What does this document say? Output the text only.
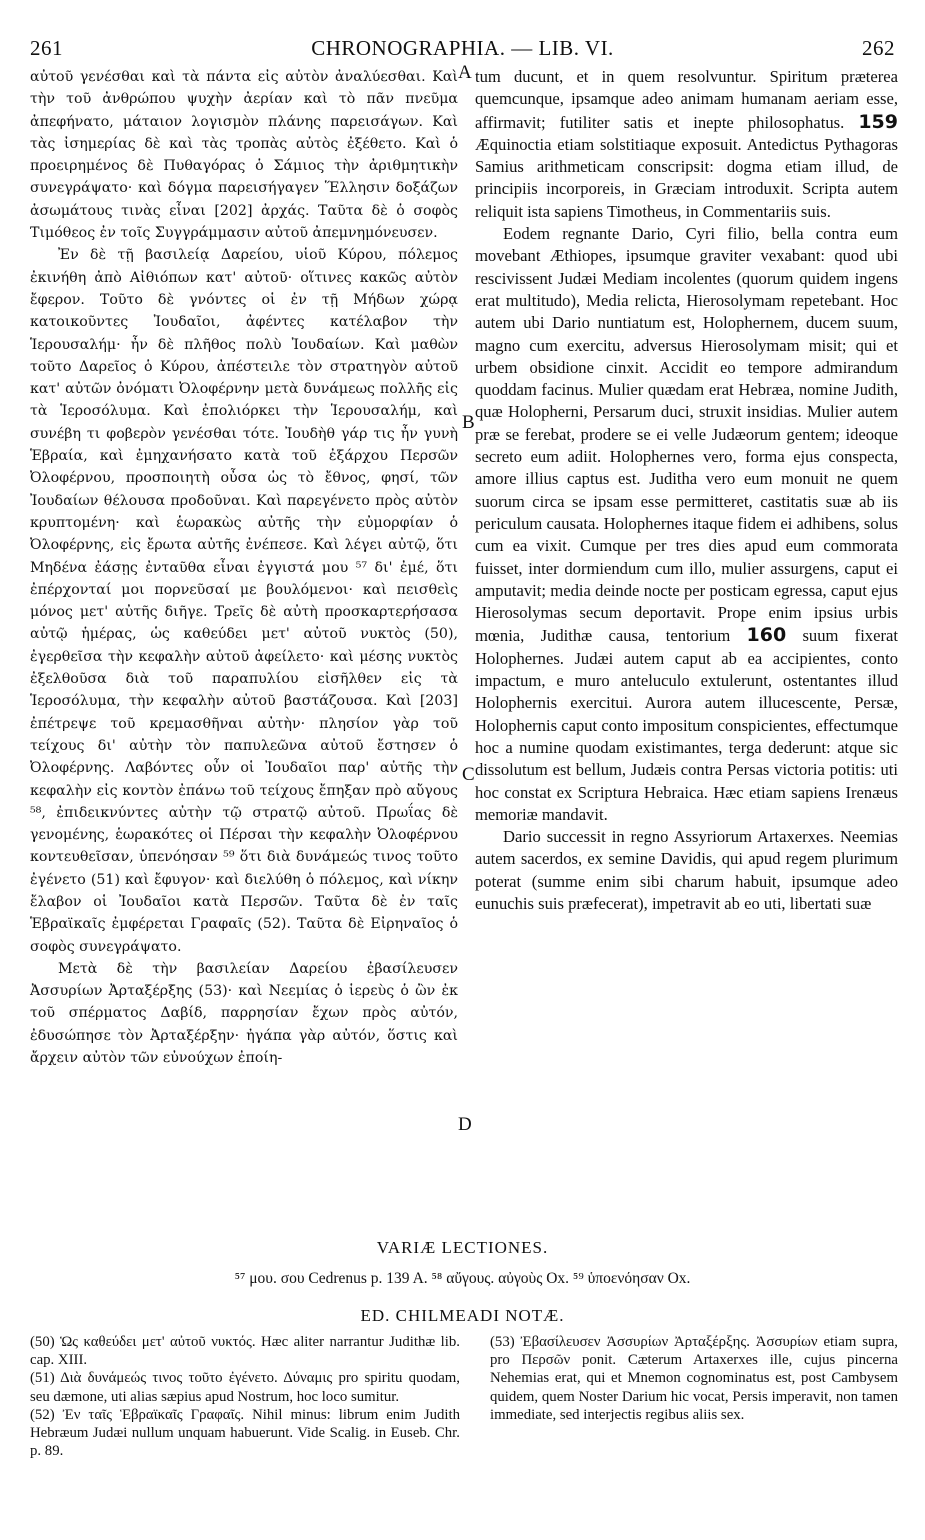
261	CHRONOGRAPHIA. — LIB. VI.	262

αὐτοῦ γενέσθαι καὶ τὰ πάντα εἰς αὐτὸν ἀναλύεσθαι. Καὶ τὴν τοῦ ἀνθρώπου ψυχὴν ἀερίαν καὶ τὸ πᾶν πνεῦμα ἀπεφήνατο, μάταιον λογισμὸν πλάνης παρεισάγων. Καὶ τὰς ἰσημερίας δὲ καὶ τὰς τροπὰς αὐτὸς ἐξέθετο. Καὶ ὁ προειρημένος δὲ Πυθαγόρας ὁ Σάμιος τὴν ἀριθμητικὴν συνεγράψατο· καὶ δόγμα παρεισήγαγεν Ἕλλησιν δοξάζων ἀσωμάτους τινὰς εἶναι [202] ἀρχάς. Ταῦτα δὲ ὁ σοφὸς Τιμόθεος ἐν τοῖς Συγγράμμασιν αὐτοῦ ἀπεμνημόνευσεν.

Ἐν δὲ τῇ βασιλείᾳ Δαρείου, υἱοῦ Κύρου, πόλεμος ἐκινήθη ἀπὸ Αἰθιόπων κατ' αὐτοῦ· οἵτινες κακῶς αὐτὸν ἔφερον. Τοῦτο δὲ γνόντες οἱ ἐν τῇ Μήδων χώρᾳ κατοικοῦντες Ἰουδαῖοι, ἀφέντες κατέλαβον τὴν Ἱερουσαλήμ· ἦν δὲ πλῆθος πολὺ Ἰουδαίων. Καὶ μαθὼν τοῦτο Δαρεῖος ὁ Κύρου, ἀπέστειλε τὸν στρατηγὸν αὐτοῦ κατ' αὐτῶν ὀνόματι Ὀλοφέρνην μετὰ δυνάμεως πολλῆς εἰς τὰ Ἱεροσόλυμα. Καὶ ἐπολιόρκει τὴν Ἱερουσαλήμ, καὶ συνέβη τι φοβερὸν γενέσθαι τότε. Ἰουδὴθ γάρ τις ἦν γυνὴ Ἑβραία, καὶ ἐμηχανήσατο κατὰ τοῦ ἐξάρχου Περσῶν Ὀλοφέρνου, προσποιητὴ οὖσα ὡς τὸ ἔθνος, φησί, τῶν Ἰουδαίων θέλουσα προδοῦναι. Καὶ παρεγένετο πρὸς αὐτὸν κρυπτομένη· καὶ ἑωρακὼς αὐτῆς τὴν εὐμορφίαν ὁ Ὀλοφέρνης, εἰς ἔρωτα αὐτῆς ἐνέπεσε. Καὶ λέγει αὐτῷ, ὅτι Μηδένα ἐάσῃς ἐνταῦθα εἶναι ἐγγιστά μου ⁵⁷ δι' ἐμέ, ὅτι ἐπέρχονταί μοι πορνεῦσαί με βουλόμενοι· καὶ πεισθεὶς μόνος μετ' αὐτῆς διῆγε. Τρεῖς δὲ αὐτὴ προσκαρτερήσασα αὐτῷ ἡμέρας, ὡς καθεύδει μετ' αὐτοῦ νυκτὸς (50), ἐγερθεῖσα τὴν κεφαλὴν αὐτοῦ ἀφείλετο· καὶ μέσης νυκτὸς ἐξελθοῦσα διὰ τοῦ παραπυλίου εἰσῆλθεν εἰς τὰ Ἱεροσόλυμα, τὴν κεφαλὴν αὐτοῦ βαστάζουσα. Καὶ [203] ἐπέτρεψε τοῦ κρεμασθῆναι αὐτὴν· πλησίον γὰρ τοῦ τείχους δι' αὐτὴν τὸν παπυλεῶνα αὐτοῦ ἔστησεν ὁ Ὀλοφέρνης. Λαβόντες οὖν οἱ Ἰουδαῖοι παρ' αὐτῆς τὴν κεφαλὴν εἰς κοντὸν ἐπάνω τοῦ τείχους ἔπηξαν πρὸ αὔγους ⁵⁸, ἐπιδεικνύντες αὐτὴν τῷ στρατῷ αὐτοῦ. Πρωΐας δὲ γενομένης, ἑωρακότες οἱ Πέρσαι τὴν κεφαλὴν Ὀλοφέρνου κοντευθεῖσαν, ὑπενόησαν ⁵⁹ ὅτι διὰ δυνάμεώς τινος τοῦτο ἐγένετο (51) καὶ ἔφυγον· καὶ διελύθη ὁ πόλεμος, καὶ νίκην ἔλαβον οἱ Ἰουδαῖοι κατὰ Περσῶν. Ταῦτα δὲ ἐν ταῖς Ἑβραϊκαῖς ἐμφέρεται Γραφαῖς (52). Ταῦτα δὲ Εἰρηναῖος ὁ σοφὸς συνεγράψατο.

Μετὰ δὲ τὴν βασιλείαν Δαρείου ἐβασίλευσεν Ἀσσυρίων Ἀρταξέρξης (53)· καὶ Νεεμίας ὁ ἱερεὺς ὁ ὢν ἐκ τοῦ σπέρματος Δαβίδ, παρρησίαν ἔχων πρὸς αὐτόν, ἐδυσώπησε τὸν Ἀρταξέρξην· ἠγάπα γὰρ αὐτόν, ὅστις καὶ ἄρχειν αὐτὸν τῶν εὐνούχων ἐποίη-

A
B
C
D

tum ducunt, et in quem resolvuntur. Spiritum præterea quemcunque, ipsamque adeo animam humanam aeriam esse, affirmavit; futiliter satis et inepte philosophatus. 159 Æquinoctia etiam solstitiaque exposuit. Antedictus Pythagoras Samius arithmeticam conscripsit: dogma etiam illud, de principiis incorporeis, in Græciam introduxit. Scripta autem reliquit ista sapiens Timotheus, in Commentariis suis.

Eodem regnante Dario, Cyri filio, bella contra eum movebant Æthiopes, ipsumque graviter vexabant: quod ubi rescivissent Judæi Mediam incolentes (quorum quidem ingens erat multitudo), Media relicta, Hierosolymam repetebant. Hoc autem ubi Dario nuntiatum est, Holophernem, ducem suum, magno cum exercitu, adversus Hierosolymam misit; qui et urbem obsidione cinxit. Accidit eo tempore admirandum quoddam facinus. Mulier quædam erat Hebræa, nomine Judith, quæ Holopherni, Persarum duci, struxit insidias. Mulier autem præ se ferebat, prodere se ei velle Judæorum gentem; ideoque secreto eum adiit. Holophernes vero, forma ejus conspecta, amore illius captus est. Juditha vero eum monuit ne quem suorum circa se ipsam esse permitteret, castitatis suæ ab iis periculum causata. Holophernes itaque fidem ei adhibens, solus cum ea vixit. Cumque per tres dies apud eum commorata fuisset, inter dormiendum cum illo, mulier assurgens, caput ei amputavit; media deinde nocte per posticam egressa, caput ejus Hierosolymas secum deportavit. Prope enim ipsius urbis mœnia, Judithæ causa, tentorium 160 suum fixerat Holophernes. Judæi autem caput ab ea accipientes, conto impactum, e muro anteluculo extulerunt, ostentantes illud Holophernis exercitui. Aurora autem illucescente, Persæ, Holophernis caput conto impositum conspicientes, effectumque hoc a numine quodam existimantes, terga dederunt: atque sic dissolutum est bellum, Judæis contra Persas victoria potitis: uti hoc constat ex Scriptura Hebraica. Hæc etiam sapiens Irenæus memoriæ mandavit.

Dario successit in regno Assyriorum Artaxerxes. Neemias autem sacerdos, ex semine Davidis, qui apud regem plurimum poterat (summe enim sibi charum habuit, ipsumque adeo eunuchis suis præfecerat), impetravit ab eo uti, libertati suæ

VARIÆ LECTIONES.
⁵⁷ μου. σου Cedrenus p. 139 A. ⁵⁸ αὔγους. αὐγοὺς Ox. ⁵⁹ ὑποενόησαν Ox.
ED. CHILMEADI NOTÆ.

(50) Ὡς καθεύδει μετ' αὐτοῦ νυκτός. Hæc aliter narrantur Judithæ lib. cap. XIII.

(51) Διὰ δυνάμεώς τινος τοῦτο ἐγένετο. Δύναμις pro spiritu quodam, seu dæmone, uti alias sæpius apud Nostrum, hoc loco sumitur.

(52) Ἐν ταῖς Ἑβραϊκαῖς Γραφαῖς. Nihil minus: librum enim Judith Hebræum Judæi nullum unquam habuerunt. Vide Scalig. in Euseb. Chr. p. 89.

(53) Ἐβασίλευσεν Ἀσσυρίων Ἀρταξέρξης. Ἀσσυρίων etiam supra, pro Περσῶν ponit. Cæterum Artaxerxes ille, cujus pincerna Nehemias erat, qui et Mnemon cognominatus est, post Cambysem quidem, quem Noster Darium hic vocat, Persis imperavit, non tamen immediate, sed interjectis regibus aliis sex.
